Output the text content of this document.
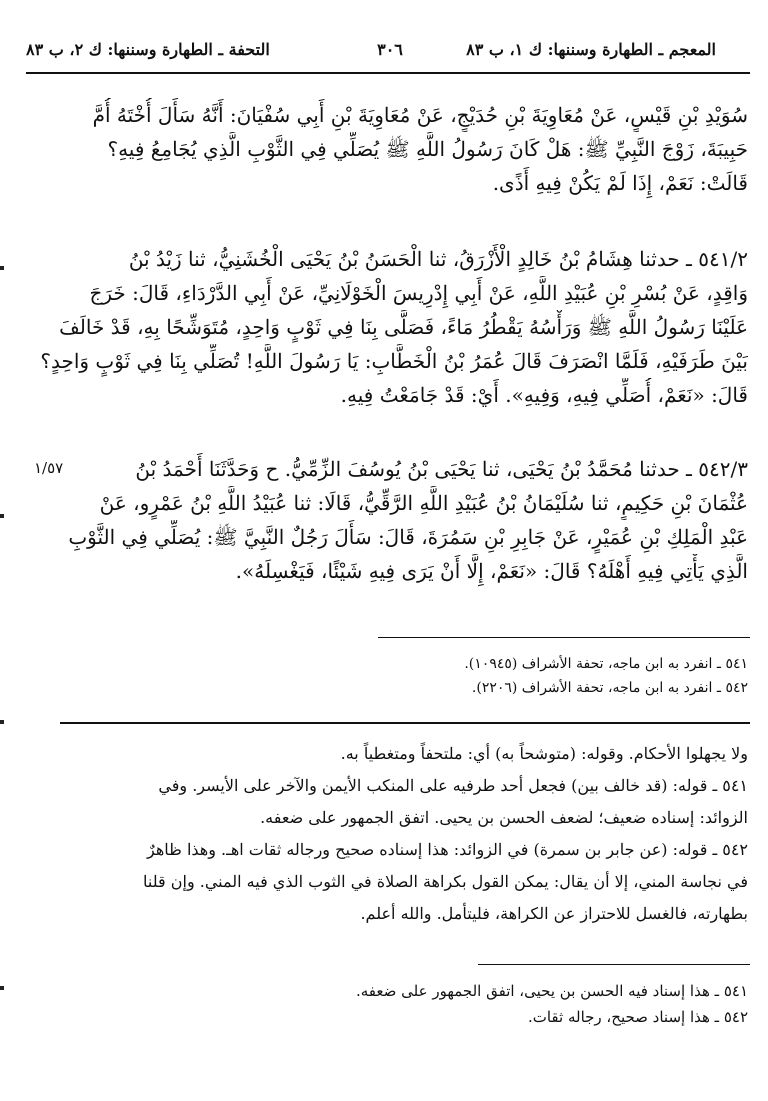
المعجم ـ الطهارة وسننها: ك ١، ب ٨٣
٣٠٦
التحفة ـ الطهارة وسننها: ك ٢، ب ٨٣
سُوَيْدِ بْنِ قَيْسٍ، عَنْ مُعَاوِيَةَ بْنِ حُدَيْجٍ، عَنْ مُعَاوِيَةَ بْنِ أَبِي سُفْيَانَ: أَنَّهُ سَأَلَ أُخْتَهُ أُمَّ
حَبِيبَةَ، زَوْجَ النَّبِيِّ ﷺ: هَلْ كَانَ رَسُولُ اللَّهِ ﷺ يُصَلِّي فِي الثَّوْبِ الَّذِي يُجَامِعُ فِيهِ؟
قَالَتْ: نَعَمْ، إِذَا لَمْ يَكُنْ فِيهِ أَذًى.
٥٤١/٢ ـ حدثنا هِشَامُ بْنُ خَالِدٍ الْأَزْرَقُ، ثنا الْحَسَنُ بْنُ يَحْيَى الْخُشَنِيُّ، ثنا زَيْدُ بْنُ
وَاقِدٍ، عَنْ بُسْرِ بْنِ عُبَيْدِ اللَّهِ، عَنْ أَبِي إِدْرِيسَ الْخَوْلَانِيِّ، عَنْ أَبِي الدَّرْدَاءِ، قَالَ: خَرَجَ
عَلَيْنَا رَسُولُ اللَّهِ ﷺ وَرَأْسُهُ يَقْطُرُ مَاءً، فَصَلَّى بِنَا فِي ثَوْبٍ وَاحِدٍ، مُتَوَشِّحًا بِهِ، قَدْ خَالَفَ
بَيْنَ طَرَفَيْهِ، فَلَمَّا انْصَرَفَ قَالَ عُمَرُ بْنُ الْخَطَّابِ: يَا رَسُولَ اللَّهِ! تُصَلِّي بِنَا فِي ثَوْبٍ وَاحِدٍ؟
قَالَ: «نَعَمْ، أُصَلِّي فِيهِ، وَفِيهِ». أَيْ: قَدْ جَامَعْتُ فِيهِ.
١/٥٧	٥٤٢/٣ ـ حدثنا مُحَمَّدُ بْنُ يَحْيَى، ثنا يَحْيَى بْنُ يُوسُفَ الزِّمِّيُّ. ح وَحَدَّثَنَا أَحْمَدُ بْنُ
عُثْمَانَ بْنِ حَكِيمٍ، ثنا سُلَيْمَانُ بْنُ عُبَيْدِ اللَّهِ الرَّقِّيُّ، قَالَا: ثنا عُبَيْدُ اللَّهِ بْنُ عَمْرٍو، عَنْ
عَبْدِ الْمَلِكِ بْنِ عُمَيْرٍ، عَنْ جَابِرِ بْنِ سَمُرَةَ، قَالَ: سَأَلَ رَجُلٌ النَّبِيَّ ﷺ: يُصَلِّي فِي الثَّوْبِ
الَّذِي يَأْتِي فِيهِ أَهْلَهُ؟ قَالَ: «نَعَمْ، إِلَّا أَنْ يَرَى فِيهِ شَيْئًا، فَيَغْسِلَهُ».
٥٤١ ـ انفرد به ابن ماجه، تحفة الأشراف (١٠٩٤٥).
٥٤٢ ـ انفرد به ابن ماجه، تحفة الأشراف (٢٢٠٦).
ولا يجهلوا الأحكام. وقوله: (متوشحاً به) أي: ملتحفاً ومتغطياً به.
٥٤١ ـ قوله: (قد خالف بين) فجعل أحد طرفيه على المنكب الأيمن والآخر على الأيسر. وفي
الزوائد: إسناده ضعيف؛ لضعف الحسن بن يحيى. اتفق الجمهور على ضعفه.
٥٤٢ ـ قوله: (عن جابر بن سمرة) في الزوائد: هذا إسناده صحيح ورجاله ثقات اهـ. وهذا ظاهرٌ
في نجاسة المني، إلا أن يقال: يمكن القول بكراهة الصلاة في الثوب الذي فيه المني. وإن قلنا
بطهارته، فالغسل للاحتراز عن الكراهة، فليتأمل. والله أعلم.
٥٤١ ـ هذا إسناد فيه الحسن بن يحيى، اتفق الجمهور على ضعفه.
٥٤٢ ـ هذا إسناد صحيح، رجاله ثقات.
